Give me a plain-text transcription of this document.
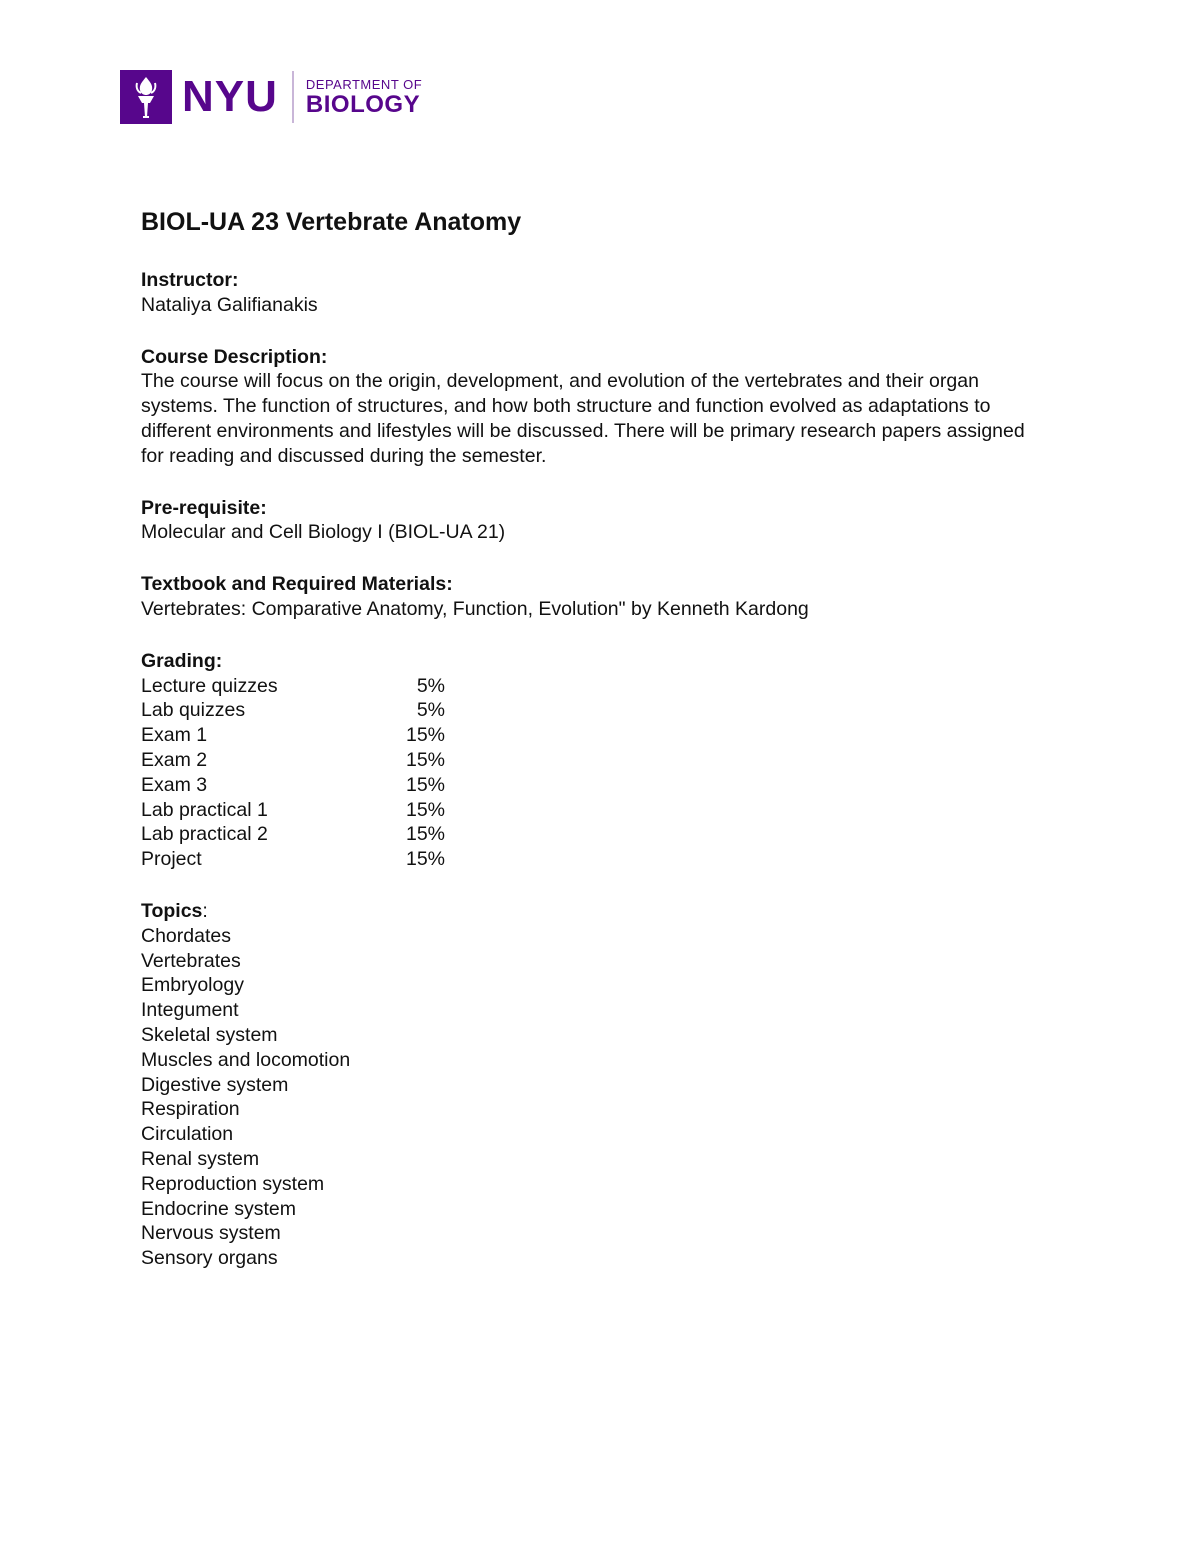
NYU DEPARTMENT OF
BIOLOGY
BIOL-UA 23 Vertebrate Anatomy

Instructor:

Nataliya Galifianakis

Course Description:

The course will focus on the origin, development, and evolution of the vertebrates and their organ systems. The function of structures, and how both structure and function evolved as adaptations to different environments and lifestyles will be discussed. There will be primary research papers assigned for reading and discussed during the semester.

Pre-requisite:

Molecular and Cell Biology I (BIOL-UA 21)

Textbook and Required Materials:

Vertebrates: Comparative Anatomy, Function, Evolution" by Kenneth Kardong

Grading:

Lecture quizzes	5%
Lab quizzes	5%
Exam 1	15%
Exam 2	15%
Exam 3	15%
Lab practical 1	15%
Lab practical 2	15%
Project	15%

Topics:

Chordates
Vertebrates
Embryology
Integument
Skeletal system
Muscles and locomotion
Digestive system
Respiration
Circulation
Renal system
Reproduction system
Endocrine system
Nervous system
Sensory organs
